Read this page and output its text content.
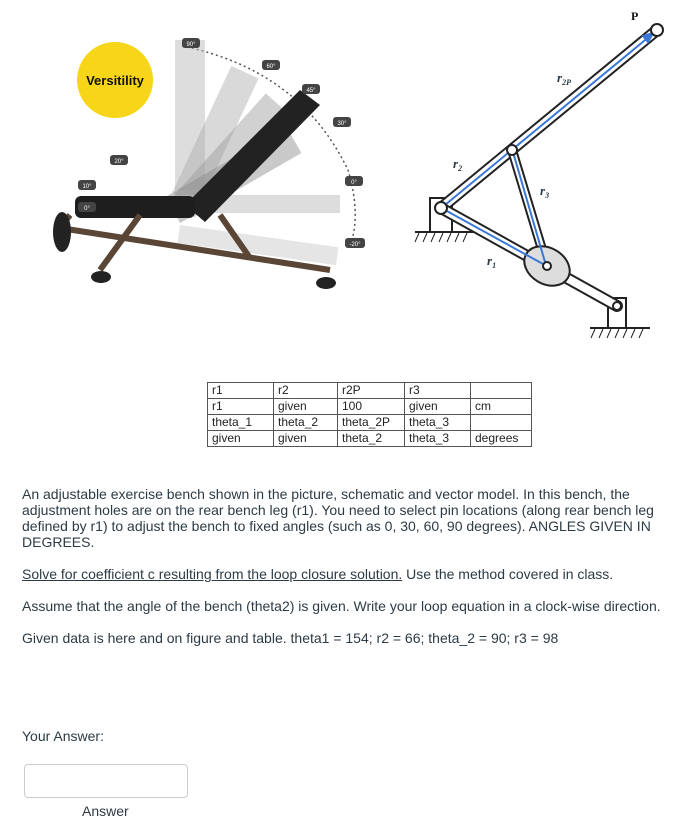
Versitility
90°
60°
45°
30°
0°
-20°
20°
10°
0°
P
$r_{2P}$
$r_2$
$r_3$
$r_1$
r1	r2	r2P	r3	
r1	given	100	given	cm
theta_1	theta_2	theta_2P	theta_3	
given	given	theta_2	theta_3	degrees

An adjustable exercise bench shown in the picture, schematic and vector model. In this bench, the adjustment holes are on the rear bench leg (r1). You need to select pin locations (along rear bench leg defined by r1) to adjust the bench to fixed angles (such as 0, 30, 60, 90 degrees). ANGLES GIVEN IN DEGREES.

Solve for coefficient c resulting from the loop closure solution. Use the method covered in class.

Assume that the angle of the bench (theta2) is given. Write your loop equation in a clock-wise direction.

Given data is here and on figure and table. theta1 = 154; r2 = 66; theta_2 = 90; r3 = 98

Your Answer:
Answer
